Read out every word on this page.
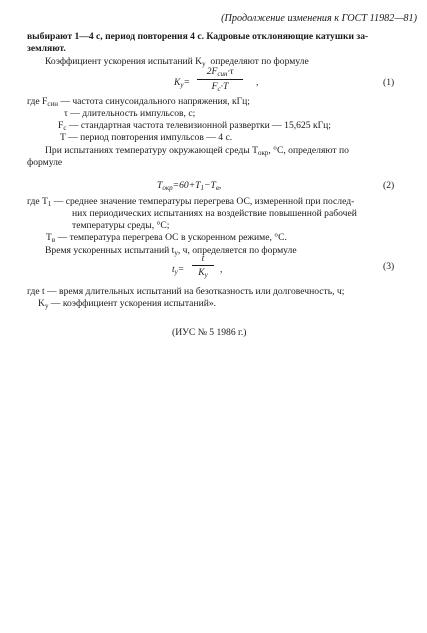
(Продолжение изменения к ГОСТ 11982—81)
выбирают 1—4 с, период повторения 4 с. Кадровые отклоняющие катушки за-
земляют.
Коэффициент ускорения испытаний $K_у$ определяют по формуле
$K_у=$
$2F_{син}\cdot\tau$
$F_с\cdot T$	,	(1)
где $F_{син}$ — частота синусоидального напряжения, кГц;
τ — длительность импульсов, с;
$F_с$ — стандартная частота телевизионной развертки — 15,625 кГц;
T — период повторения импульсов — 4 с.
При испытаниях температуру окружающей среды $T_{окр}$, °С, определяют по
формуле
$T_{окр}=60+T_1-T_в$,	(2)
где $T_1$ — среднее значение температуры перегрева ОС, измеренной при послед-
них периодических испытаниях на воздействие повышенной рабочей
температуры среды, °С;
$T_в$ — температура перегрева ОС в ускоренном режиме, °С.
Время ускоренных испытаний $t_у$, ч, определяется по формуле
$t_у=$
t
$K_у$	,	(3)
где t — время длительных испытаний на безотказность или долговечность, ч;
$K_у$ — коэффициент ускорения испытаний».
(ИУС № 5 1986 г.)
